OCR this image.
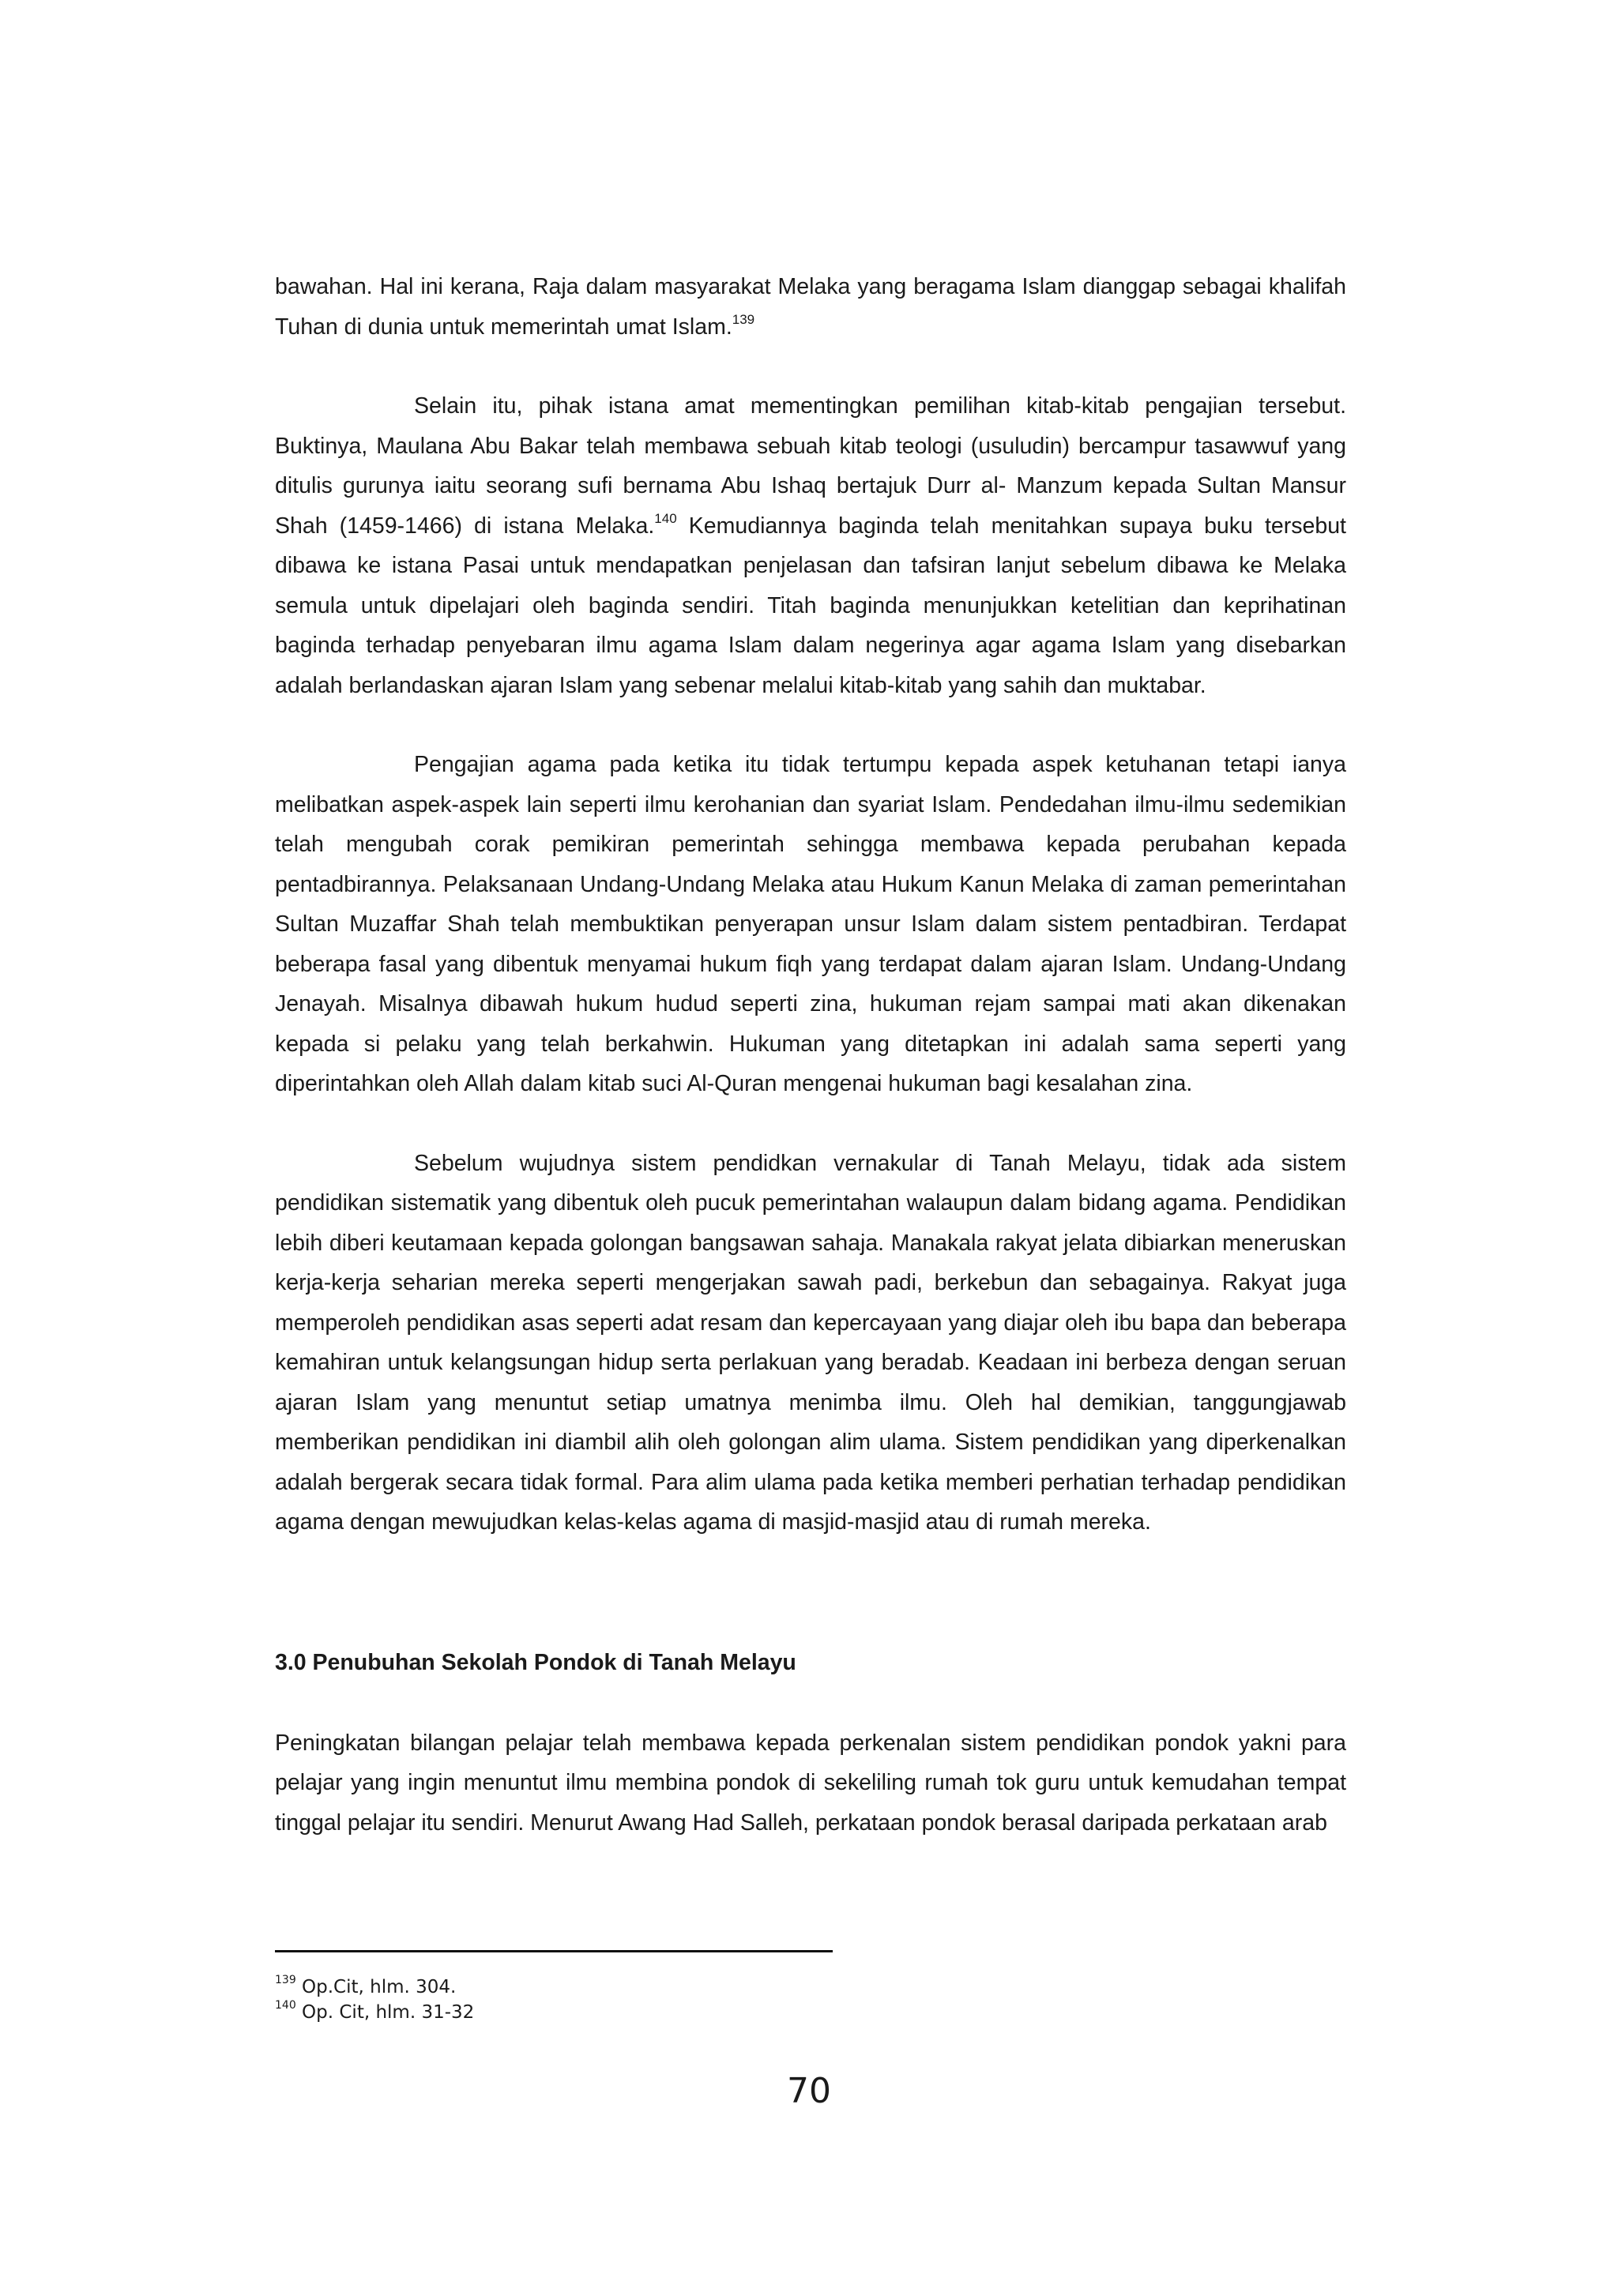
bawahan. Hal ini kerana, Raja dalam masyarakat Melaka yang beragama Islam dianggap sebagai khalifah Tuhan di dunia untuk memerintah umat Islam.$^{139}$

Selain itu, pihak istana amat mementingkan pemilihan kitab-kitab pengajian tersebut. Buktinya, Maulana Abu Bakar telah membawa sebuah kitab teologi (usuludin) bercampur tasawwuf yang ditulis gurunya iaitu seorang sufi bernama Abu Ishaq bertajuk Durr al- Manzum kepada Sultan Mansur Shah (1459-1466) di istana Melaka.$^{140}$ Kemudiannya baginda telah menitahkan supaya buku tersebut dibawa ke istana Pasai untuk mendapatkan penjelasan dan tafsiran lanjut sebelum dibawa ke Melaka semula untuk dipelajari oleh baginda sendiri. Titah baginda menunjukkan ketelitian dan keprihatinan baginda terhadap penyebaran ilmu agama Islam dalam negerinya agar agama Islam yang disebarkan adalah berlandaskan ajaran Islam yang sebenar melalui kitab-kitab yang sahih dan muktabar.

Pengajian agama pada ketika itu tidak tertumpu kepada aspek ketuhanan tetapi ianya melibatkan aspek-aspek lain seperti ilmu kerohanian dan syariat Islam. Pendedahan ilmu-ilmu sedemikian telah mengubah corak pemikiran pemerintah sehingga membawa kepada perubahan kepada pentadbirannya. Pelaksanaan Undang-Undang Melaka atau Hukum Kanun Melaka di zaman pemerintahan Sultan Muzaffar Shah telah membuktikan penyerapan unsur Islam dalam sistem pentadbiran. Terdapat beberapa fasal yang dibentuk menyamai hukum fiqh yang terdapat dalam ajaran Islam. Undang-Undang Jenayah. Misalnya dibawah hukum hudud seperti zina, hukuman rejam sampai mati akan dikenakan kepada si pelaku yang telah berkahwin. Hukuman yang ditetapkan ini adalah sama seperti yang diperintahkan oleh Allah dalam kitab suci Al-Quran mengenai hukuman bagi kesalahan zina.

Sebelum wujudnya sistem pendidkan vernakular di Tanah Melayu, tidak ada sistem pendidikan sistematik yang dibentuk oleh pucuk pemerintahan walaupun dalam bidang agama. Pendidikan lebih diberi keutamaan kepada golongan bangsawan sahaja. Manakala rakyat jelata dibiarkan meneruskan kerja-kerja seharian mereka seperti mengerjakan sawah padi, berkebun dan sebagainya. Rakyat juga memperoleh pendidikan asas seperti adat resam dan kepercayaan yang diajar oleh ibu bapa dan beberapa kemahiran untuk kelangsungan hidup serta perlakuan yang beradab. Keadaan ini berbeza dengan seruan ajaran Islam yang menuntut setiap umatnya menimba ilmu. Oleh hal demikian, tanggungjawab memberikan pendidikan ini diambil alih oleh golongan alim ulama. Sistem pendidikan yang diperkenalkan adalah bergerak secara tidak formal. Para alim ulama pada ketika memberi perhatian terhadap pendidikan agama dengan mewujudkan kelas-kelas agama di masjid-masjid atau di rumah mereka.

3.0 Penubuhan Sekolah Pondok di Tanah Melayu

Peningkatan bilangan pelajar telah membawa kepada perkenalan sistem pendidikan pondok yakni para pelajar yang ingin menuntut ilmu membina pondok di sekeliling rumah tok guru untuk kemudahan tempat tinggal pelajar itu sendiri. Menurut Awang Had Salleh, perkataan pondok berasal daripada perkataan arab

$^{139}$ Op.Cit, hlm. 304.
$^{140}$ Op. Cit, hlm. 31-32
70
